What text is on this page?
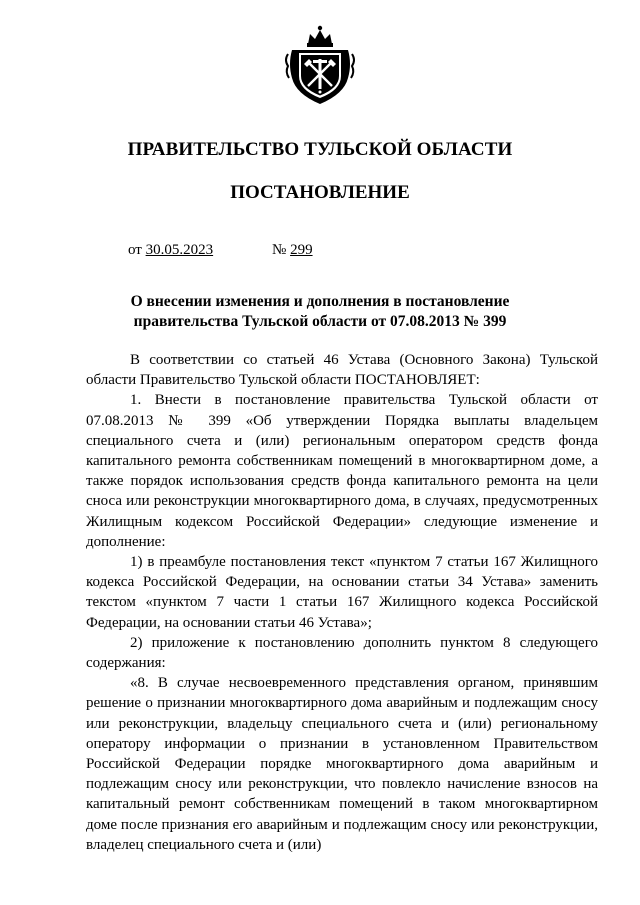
ПРАВИТЕЛЬСТВО ТУЛЬСКОЙ ОБЛАСТИ
ПОСТАНОВЛЕНИЕ
от 30.05.2023	№ 299
О внесении изменения и дополнения в постановление
правительства Тульской области от 07.08.2013 № 399

В соответствии со статьей 46 Устава (Основного Закона) Тульской области Правительство Тульской области ПОСТАНОВЛЯЕТ:

1. Внести в постановление правительства Тульской области от 07.08.2013 № 399 «Об утверждении Порядка выплаты владельцем специального счета и (или) региональным оператором средств фонда капитального ремонта собственникам помещений в многоквартирном доме, а также порядок использования средств фонда капитального ремонта на цели сноса или реконструкции многоквартирного дома, в случаях, предусмотренных Жилищным кодексом Российской Федерации» следующие изменение и дополнение:

1) в преамбуле постановления текст «пунктом 7 статьи 167 Жилищного кодекса Российской Федерации, на основании статьи 34 Устава» заменить текстом «пунктом 7 части 1 статьи 167 Жилищного кодекса Российской Федерации, на основании статьи 46 Устава»;

2) приложение к постановлению дополнить пунктом 8 следующего содержания:

«8. В случае несвоевременного представления органом, принявшим решение о признании многоквартирного дома аварийным и подлежащим сносу или реконструкции, владельцу специального счета и (или) региональному оператору информации о признании в установленном Правительством Российской Федерации порядке многоквартирного дома аварийным и подлежащим сносу или реконструкции, что повлекло начисление взносов на капитальный ремонт собственникам помещений в таком многоквартирном доме после признания его аварийным и подлежащим сносу или реконструкции, владелец специального счета и (или)
